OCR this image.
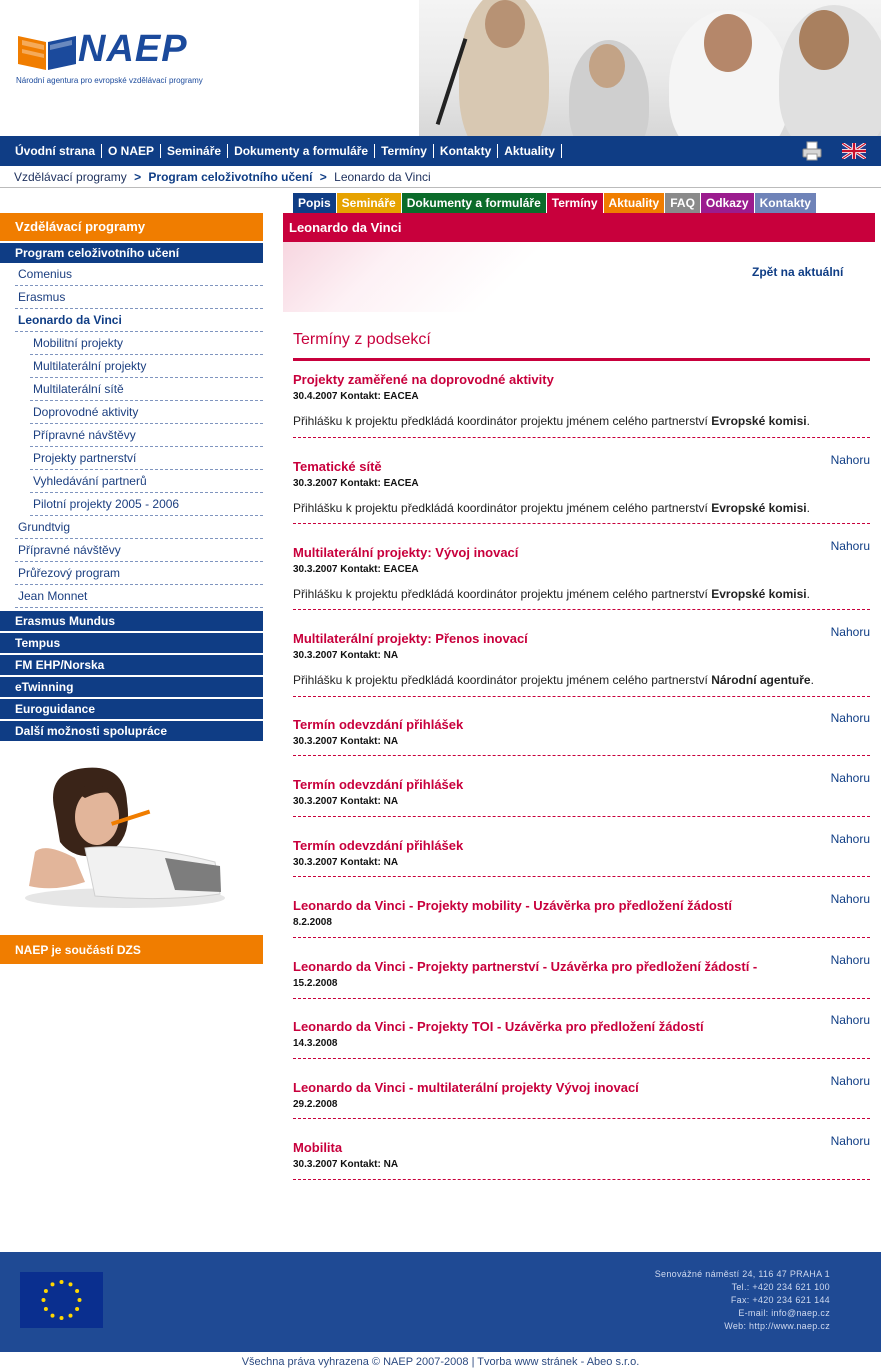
NAEP
Národní agentura pro evropské vzdělávací programy
Úvodní strana	O NAEP	Semináře	Dokumenty a formuláře	Termíny	Kontakty	Aktuality
Vzdělávací programy > Program celoživotního učení > Leonardo da Vinci
Popis Semináře Dokumenty a formuláře Termíny Aktuality FAQ Odkazy Kontakty
Leonardo da Vinci
Zpět na aktuální
Termíny z podsekcí
Projekty zaměřené na doprovodné aktivity
30.4.2007 Kontakt: EACEA
Přihlášku k projektu předkládá koordinátor projektu jménem celého partnerství Evropské komisi.
Nahoru
Tematické sítě
30.3.2007 Kontakt: EACEA
Přihlášku k projektu předkládá koordinátor projektu jménem celého partnerství Evropské komisi.
Nahoru
Multilaterální projekty: Vývoj inovací
30.3.2007 Kontakt: EACEA
Přihlášku k projektu předkládá koordinátor projektu jménem celého partnerství Evropské komisi.
Nahoru
Multilaterální projekty: Přenos inovací
30.3.2007 Kontakt: NA
Přihlášku k projektu předkládá koordinátor projektu jménem celého partnerství Národní agentuře.
Nahoru
Termín odevzdání přihlášek
30.3.2007 Kontakt: NA
Nahoru
Termín odevzdání přihlášek
30.3.2007 Kontakt: NA
Nahoru
Termín odevzdání přihlášek
30.3.2007 Kontakt: NA
Nahoru
Leonardo da Vinci - Projekty mobility - Uzávěrka pro předložení žádostí
8.2.2008
Nahoru
Leonardo da Vinci - Projekty partnerství - Uzávěrka pro předložení žádostí -
15.2.2008
Nahoru
Leonardo da Vinci - Projekty TOI - Uzávěrka pro předložení žádostí
14.3.2008
Nahoru
Leonardo da Vinci - multilaterální projekty Vývoj inovací
29.2.2008
Nahoru
Mobilita
30.3.2007 Kontakt: NA
Vzdělávací programy
Program celoživotního učení
Comenius
Erasmus
Leonardo da Vinci
Mobilitní projekty
Multilaterální projekty
Multilaterální sítě
Doprovodné aktivity
Přípravné návštěvy
Projekty partnerství
Vyhledávání partnerů
Pilotní projekty 2005 - 2006
Grundtvig
Přípravné návštěvy
Průřezový program
Jean Monnet
Erasmus Mundus
Tempus
FM EHP/Norska
eTwinning
Euroguidance
Další možnosti spolupráce
NAEP je součástí DZS
Senovážné náměstí 24, 116 47 PRAHA 1
Tel.: +420 234 621 100
Fax: +420 234 621 144
E-mail: info@naep.cz
Web: http://www.naep.cz
Všechna práva vyhrazena © NAEP 2007-2008 | Tvorba www stránek - Abeo s.r.o.
